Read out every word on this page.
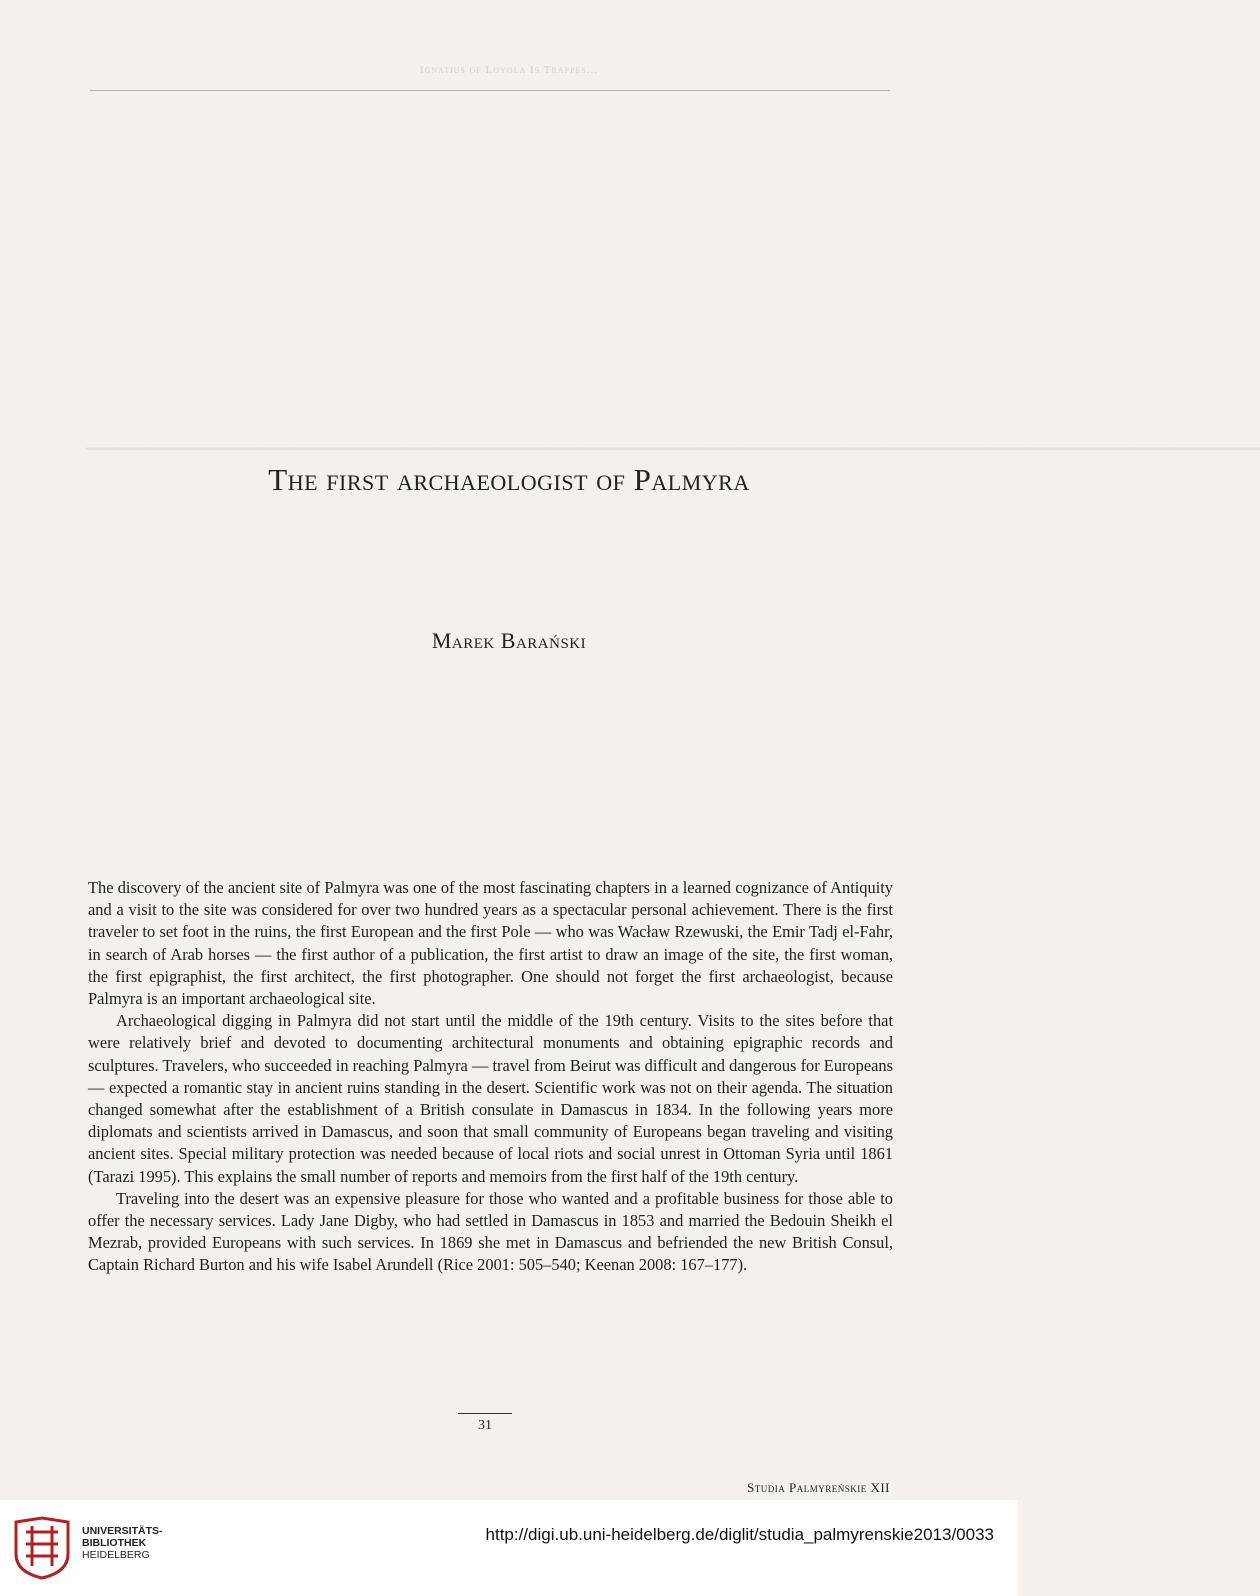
Ignatius of Loyola Is Trappes...

━━━━━━━━━━━━━━━━━━━━━━━━━━━━━━━━━━━━━━━━━━━━━━━━━━━━━━━━━━━━━━━━━━━━━━━━━━━━━━━━━━━━━━━━━━━━━━━━━━━━━━━━━━━━━━━━━━━━━━━━━━━━━━━━━━

The first archaeologist of Palmyra
Marek Barański

The discovery of the ancient site of Palmyra was one of the most fascinating chapters in a learned cognizance of Antiquity and a visit to the site was considered for over two hundred years as a spectacular personal achievement. There is the first traveler to set foot in the ruins, the first European and the first Pole — who was Wacław Rzewuski, the Emir Tadj el-Fahr, in search of Arab horses — the first author of a publication, the first artist to draw an image of the site, the first woman, the first epigraphist, the first architect, the first photographer. One should not forget the first archaeologist, because Palmyra is an important archaeological site.

Archaeological digging in Palmyra did not start until the middle of the 19th century. Visits to the sites before that were relatively brief and devoted to documenting architectural monuments and obtaining epigraphic records and sculptures. Travelers, who succeeded in reaching Palmyra — travel from Beirut was difficult and dangerous for Europeans — expected a romantic stay in ancient ruins standing in the desert. Scientific work was not on their agenda. The situation changed somewhat after the establishment of a British consulate in Damascus in 1834. In the following years more diplomats and scientists arrived in Damascus, and soon that small community of Europeans began traveling and visiting ancient sites. Special military protection was needed because of local riots and social unrest in Ottoman Syria until 1861 (Tarazi 1995). This explains the small number of reports and memoirs from the first half of the 19th century.

Traveling into the desert was an expensive pleasure for those who wanted and a profitable business for those able to offer the necessary services. Lady Jane Digby, who had settled in Damascus in 1853 and married the Bedouin Sheikh el Mezrab, provided Europeans with such services. In 1869 she met in Damascus and befriended the new British Consul, Captain Richard Burton and his wife Isabel Arundell (Rice 2001: 505–540; Keenan 2008: 167–177).

31
Studia Palmyreńskie XII
UNIVERSITÄTS-
BIBLIOTHEK
HEIDELBERG
http://digi.ub.uni-heidelberg.de/diglit/studia_palmyrenskie2013/0033
